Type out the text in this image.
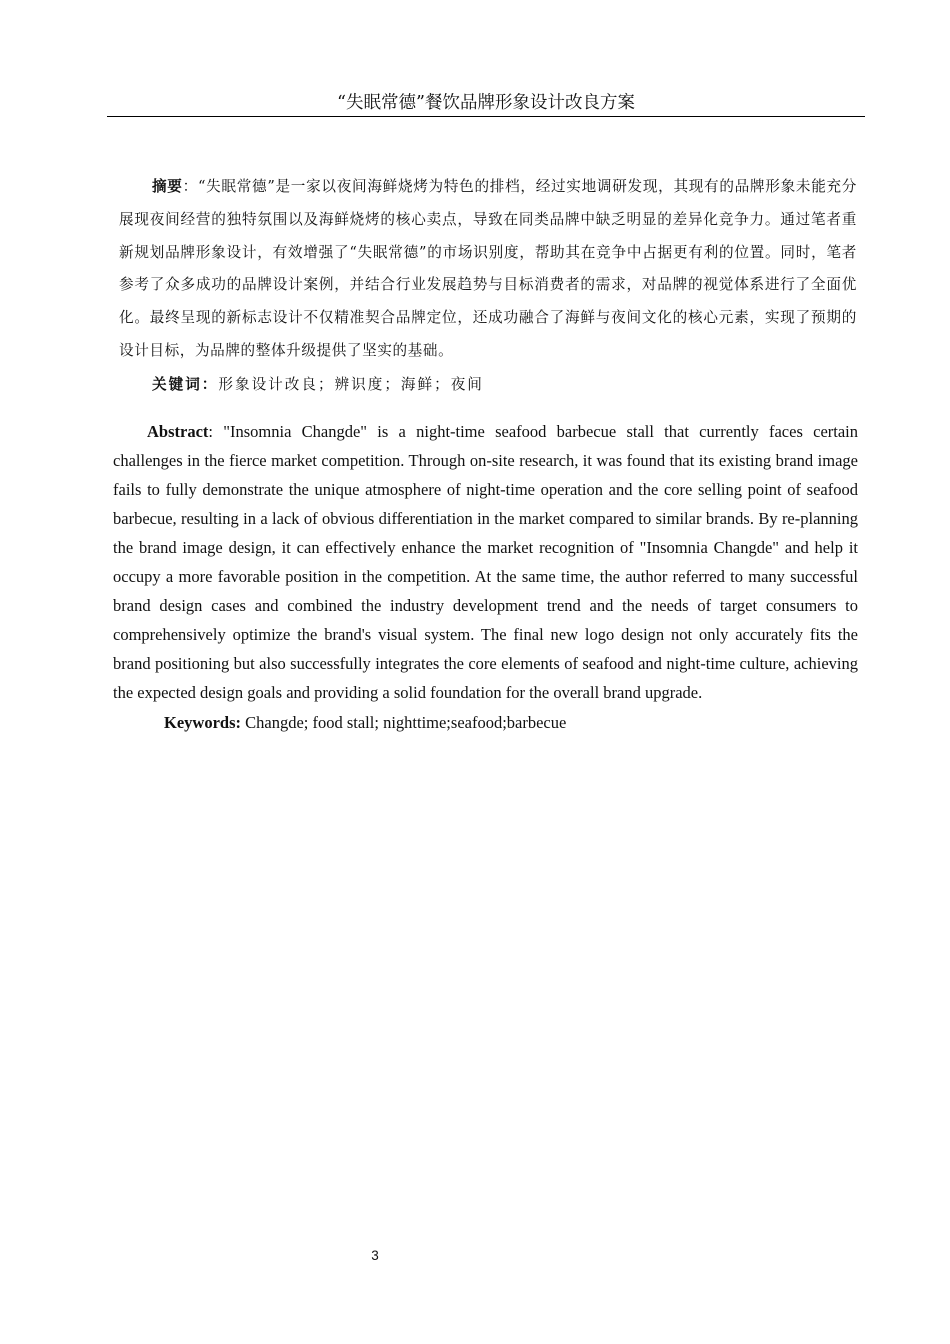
“失眠常德”餐饮品牌形象设计改良方案

摘要：“失眠常德”是一家以夜间海鲜烧烤为特色的排档，经过实地调研发现，其现有的品牌形象未能充分展现夜间经营的独特氛围以及海鲜烧烤的核心卖点，导致在同类品牌中缺乏明显的差异化竞争力。通过笔者重新规划品牌形象设计，有效增强了“失眠常德”的市场识别度，帮助其在竞争中占据更有利的位置。同时，笔者参考了众多成功的品牌设计案例，并结合行业发展趋势与目标消费者的需求，对品牌的视觉体系进行了全面优化。最终呈现的新标志设计不仅精准契合品牌定位，还成功融合了海鲜与夜间文化的核心元素，实现了预期的设计目标，为品牌的整体升级提供了坚实的基础。

关键词：形象设计改良；辨识度；海鲜；夜间

Abstract: "Insomnia Changde" is a night-time seafood barbecue stall that currently faces certain challenges in the fierce market competition. Through on-site research, it was found that its existing brand image fails to fully demonstrate the unique atmosphere of night-time operation and the core selling point of seafood barbecue, resulting in a lack of obvious differentiation in the market compared to similar brands. By re-planning the brand image design, it can effectively enhance the market recognition of "Insomnia Changde" and help it occupy a more favorable position in the competition. At the same time, the author referred to many successful brand design cases and combined the industry development trend and the needs of target consumers to comprehensively optimize the brand's visual system. The final new logo design not only accurately fits the brand positioning but also successfully integrates the core elements of seafood and night-time culture, achieving the expected design goals and providing a solid foundation for the overall brand upgrade.

Keywords: Changde; food stall; nighttime;seafood;barbecue

3
